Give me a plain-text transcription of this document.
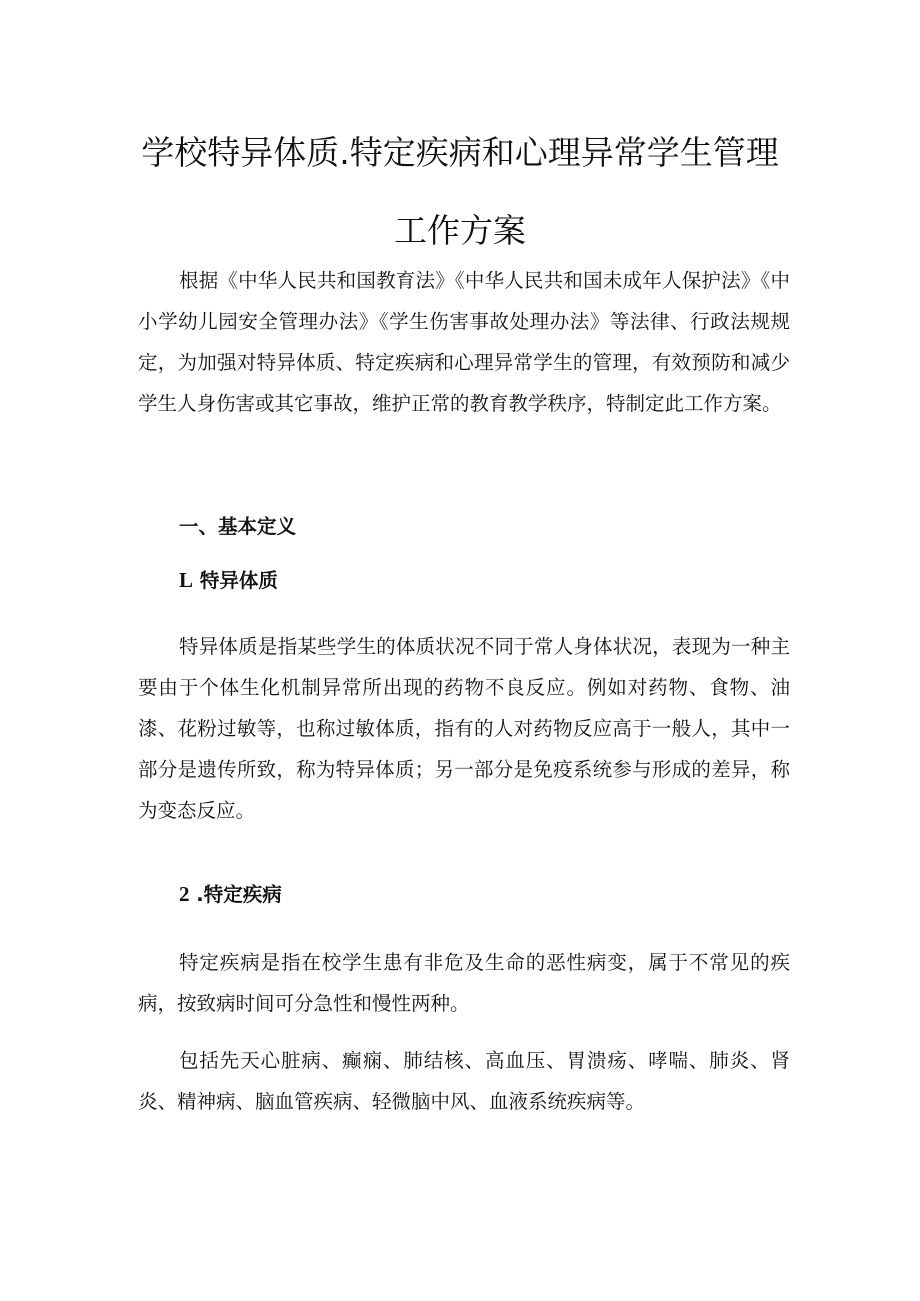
学校特异体质.特定疾病和心理异常学生管理
工作方案

根据《中华人民共和国教育法》《中华人民共和国未成年人保护法》《中小学幼儿园安全管理办法》《学生伤害事故处理办法》等法律、行政法规规定，为加强对特异体质、特定疾病和心理异常学生的管理，有效预防和减少学生人身伤害或其它事故，维护正常的教育教学秩序，特制定此工作方案。

一、基本定义
L 特异体质

特异体质是指某些学生的体质状况不同于常人身体状况，表现为一种主要由于个体生化机制异常所出现的药物不良反应。例如对药物、食物、油漆、花粉过敏等，也称过敏体质，指有的人对药物反应高于一般人，其中一部分是遗传所致，称为特异体质；另一部分是免疫系统参与形成的差异，称为变态反应。

2 .特定疾病

特定疾病是指在校学生患有非危及生命的恶性病变，属于不常见的疾病，按致病时间可分急性和慢性两种。

包括先天心脏病、癫痫、肺结核、高血压、胃溃疡、哮喘、肺炎、肾炎、精神病、脑血管疾病、轻微脑中风、血液系统疾病等。
